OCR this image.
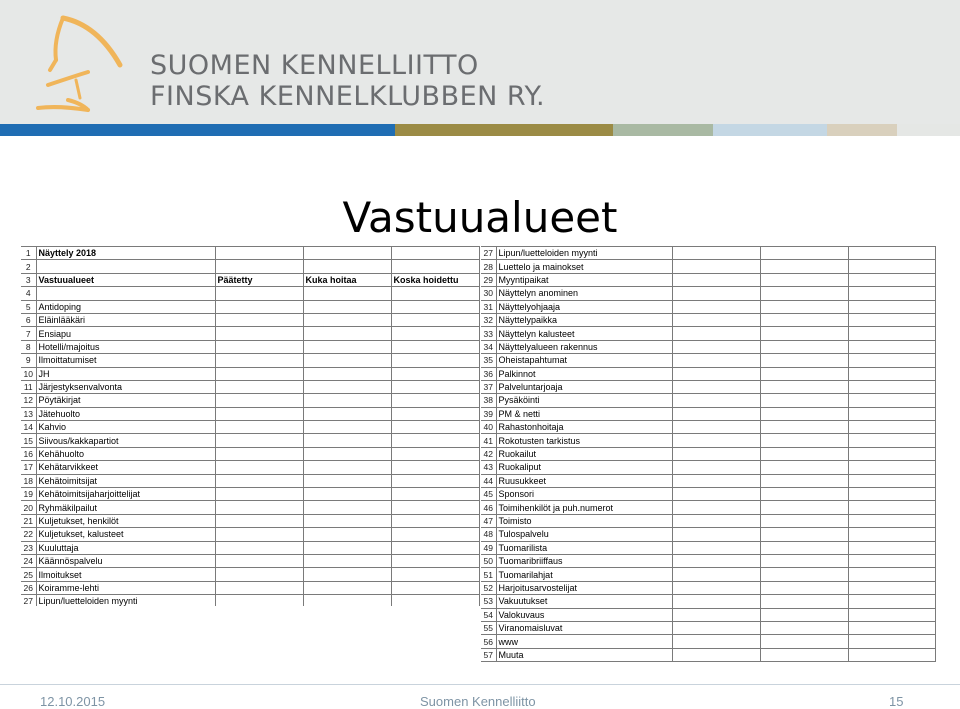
SUOMEN KENNELLIITTO
FINSKA KENNELKLUBBEN RY.
Vastuualueet
1	Näyttely 2018			
2				
3	Vastuualueet	Päätetty	Kuka hoitaa	Koska hoidettu
4				
5	Antidoping			
6	Eläinlääkäri			
7	Ensiapu			
8	Hotelli/majoitus			
9	Ilmoittatumiset			
10	JH			
11	Järjestyksenvalvonta			
12	Pöytäkirjat			
13	Jätehuolto			
14	Kahvio			
15	Siivous/kakkapartiot			
16	Kehähuolto			
17	Kehätarvikkeet			
18	Kehätoimitsijat			
19	Kehätoimitsijaharjoittelijat			
20	Ryhmäkilpailut			
21	Kuljetukset, henkilöt			
22	Kuljetukset, kalusteet			
23	Kuuluttaja			
24	Käännöspalvelu			
25	Ilmoitukset			
26	Koiramme-lehti			
27	Lipun/luetteloiden myynti			
27	Lipun/luetteloiden myynti			
28	Luettelo ja mainokset			
29	Myyntipaikat			
30	Näyttelyn anominen			
31	Näyttelyohjaaja			
32	Näyttelypaikka			
33	Näyttelyn kalusteet			
34	Näyttelyalueen rakennus			
35	Oheistapahtumat			
36	Palkinnot			
37	Palveluntarjoaja			
38	Pysäköinti			
39	PM & netti			
40	Rahastonhoitaja			
41	Rokotusten tarkistus			
42	Ruokailut			
43	Ruokaliput			
44	Ruusukkeet			
45	Sponsori			
46	Toimihenkilöt ja puh.numerot			
47	Toimisto			
48	Tulospalvelu			
49	Tuomarilista			
50	Tuomaribriiffaus			
51	Tuomarilahjat			
52	Harjoitusarvostelijat			
53	Vakuutukset			
54	Valokuvaus			
55	Viranomaisluvat			
56	www			
57	Muuta			
12.10.2015	Suomen Kennelliitto	15
